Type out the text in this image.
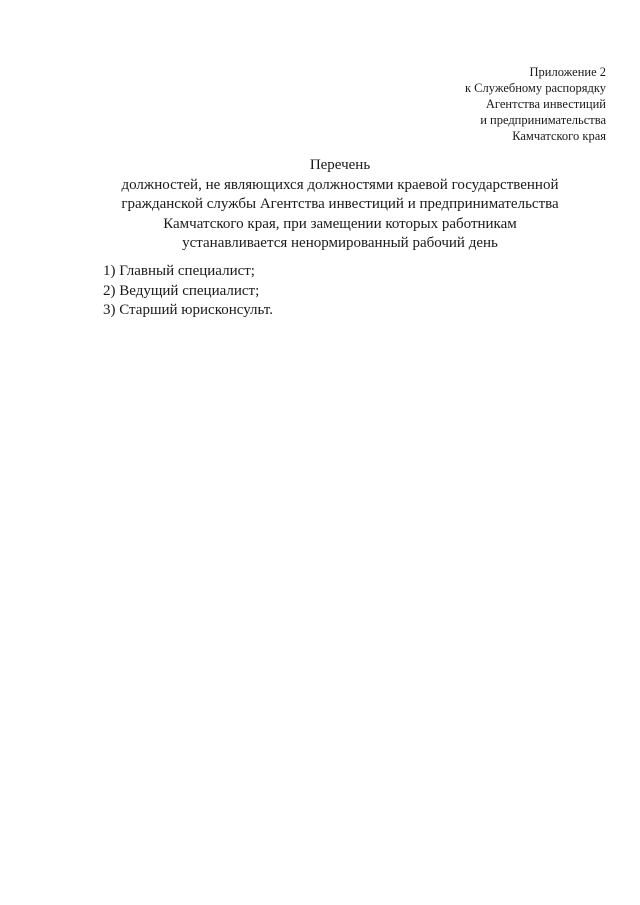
Приложение 2
к Служебному распорядку
Агентства инвестиций
и предпринимательства
Камчатского края
Перечень
должностей, не являющихся должностями краевой государственной
гражданской службы Агентства инвестиций и предпринимательства
Камчатского края, при замещении которых работникам
устанавливается ненормированный рабочий день
1) Главный специалист;
2) Ведущий специалист;
3) Старший юрисконсульт.
